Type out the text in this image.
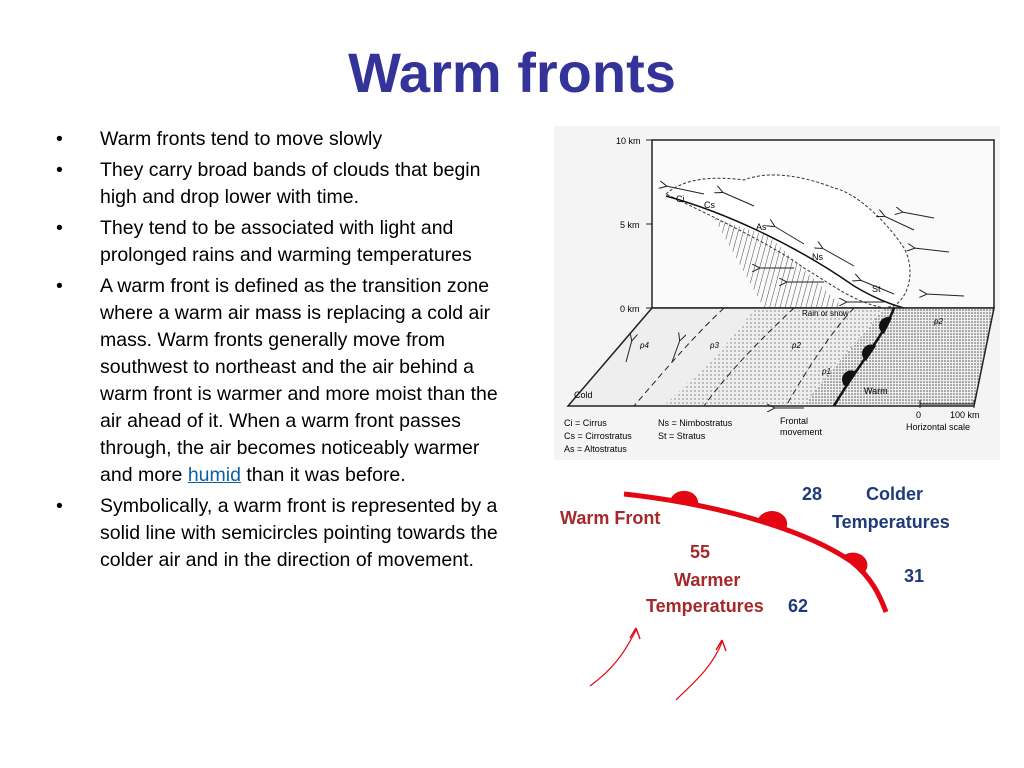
Warm fronts
• Warm fronts tend to move slowly
• They carry broad bands of clouds that begin high and drop lower with time.
• They tend to be associated with light and prolonged rains and warming temperatures
• A warm front is defined as the transition zone where a warm air mass is replacing a cold air mass. Warm fronts generally move from southwest to northeast and the air behind a warm front is warmer and more moist than the air ahead of it. When a warm front passes through, the air becomes noticeably warmer and more humid than it was before.
• Symbolically, a warm front is represented by a solid line with semicircles pointing towards the colder air and in the direction of movement.
10 km
5 km
0 km
Ci
Cs
As
Ns
St
Rain or snow
p4	p3	p2
p1
p2
Cold	Warm
Ci = Cirrus
Cs = Cirrostratus
As = Altostratus
Ns = Nimbostratus
St = Stratus
Frontal
movement
0	100 km
Horizontal scale
Warm Front
55
Warmer
Temperatures 62
28 Colder
Temperatures
31
